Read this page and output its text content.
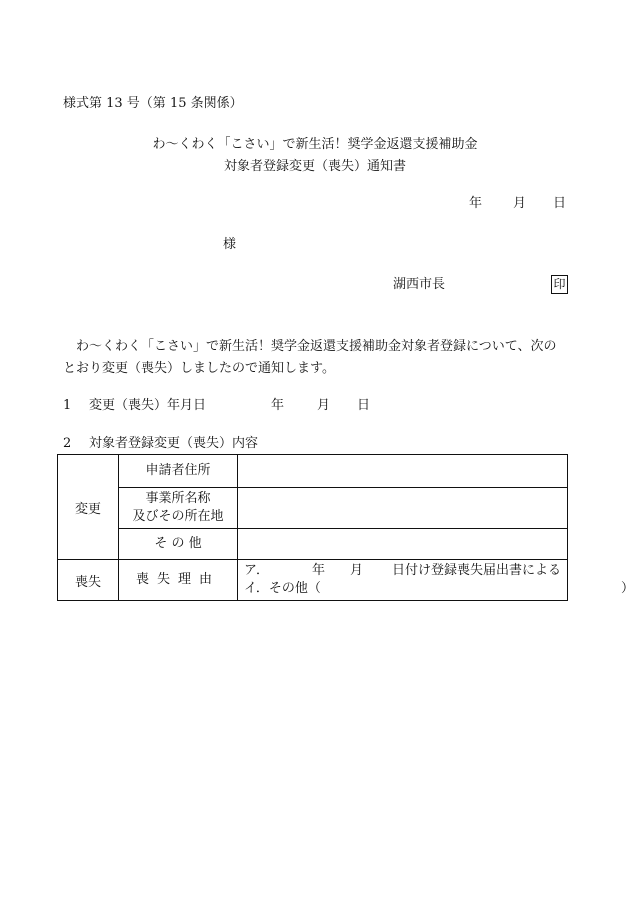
様式第 13 号（第 15 条関係）
わ～くわく「こさい」で新生活！奨学金返還支援補助金
対象者登録変更（喪失）通知書
年 月 日
様
湖西市長	印
わ～くわく「こさい」で新生活！奨学金返還支援補助金対象者登録について、次のとおり変更（喪失）しましたので通知します。
1 変更（喪失）年月日	年	月 日
2 対象者登録変更（喪失）内容
変更	申請者住所	
	事業所名称
及びその所在地	
	そ の 他	
喪失	喪失理由	ア． 年 月 日付け登録喪失届出書による
イ．その他（ ）
